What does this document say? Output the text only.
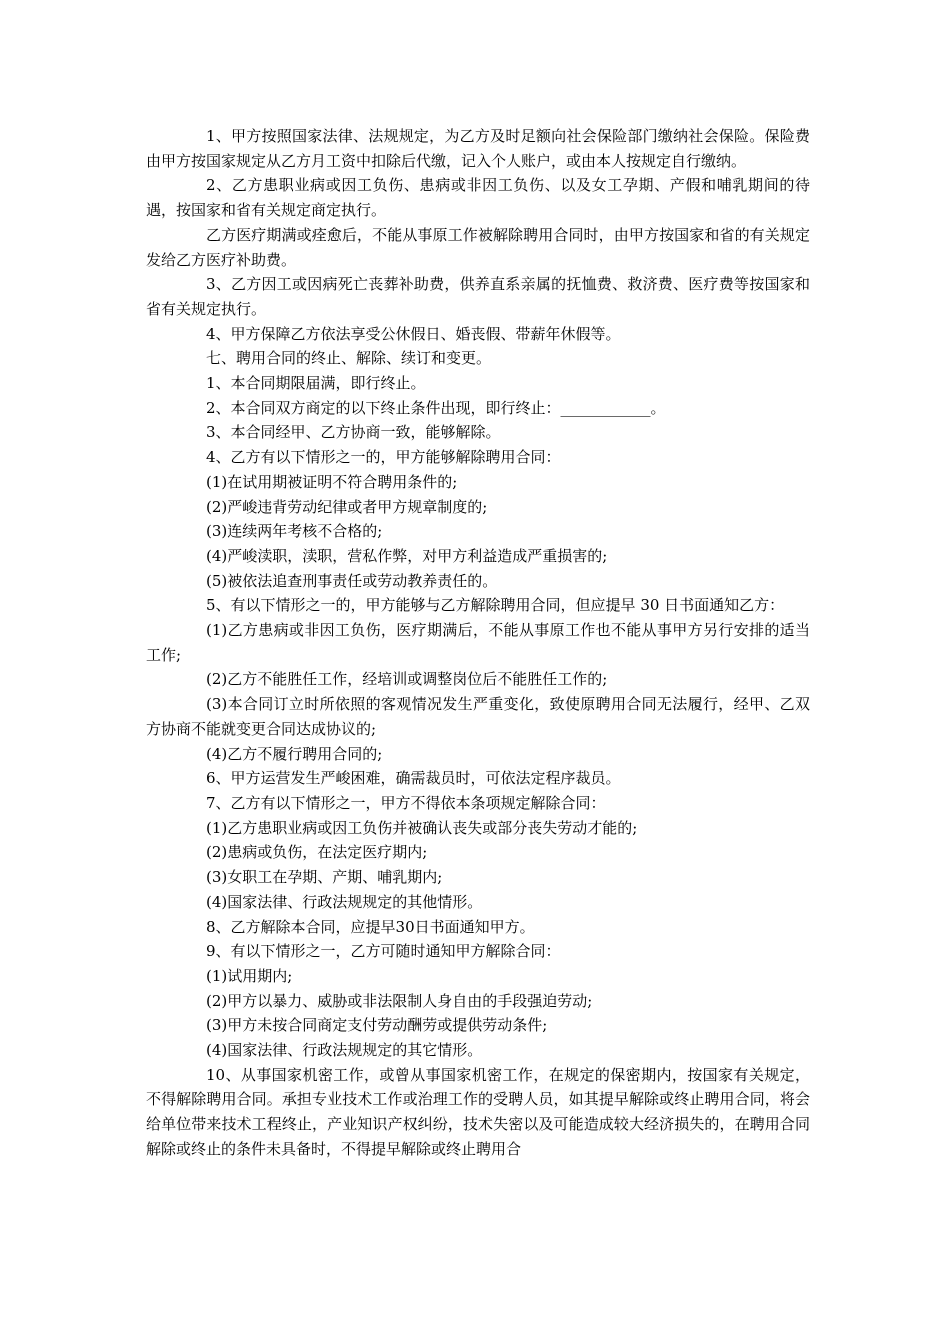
1、甲方按照国家法律、法规规定，为乙方及时足额向社会保险部门缴纳社会保险。保险费由甲方按国家规定从乙方月工资中扣除后代缴，记入个人账户，或由本人按规定自行缴纳。

2、乙方患职业病或因工负伤、患病或非因工负伤、以及女工孕期、产假和哺乳期间的待遇，按国家和省有关规定商定执行。

乙方医疗期满或痊愈后，不能从事原工作被解除聘用合同时，由甲方按国家和省的有关规定发给乙方医疗补助费。

3、乙方因工或因病死亡丧葬补助费，供养直系亲属的抚恤费、救济费、医疗费等按国家和省有关规定执行。

4、甲方保障乙方依法享受公休假日、婚丧假、带薪年休假等。

七、聘用合同的终止、解除、续订和变更。

1、本合同期限届满，即行终止。

2、本合同双方商定的以下终止条件出现，即行终止：____________。

3、本合同经甲、乙方协商一致，能够解除。

4、乙方有以下情形之一的，甲方能够解除聘用合同：

(1)在试用期被证明不符合聘用条件的;

(2)严峻违背劳动纪律或者甲方规章制度的;

(3)连续两年考核不合格的;

(4)严峻渎职，渎职，营私作弊，对甲方利益造成严重损害的;

(5)被依法追查刑事责任或劳动教养责任的。

5、有以下情形之一的，甲方能够与乙方解除聘用合同，但应提早 30 日书面通知乙方：

(1)乙方患病或非因工负伤，医疗期满后，不能从事原工作也不能从事甲方另行安排的适当工作;

(2)乙方不能胜任工作，经培训或调整岗位后不能胜任工作的;

(3)本合同订立时所依照的客观情况发生严重变化，致使原聘用合同无法履行，经甲、乙双方协商不能就变更合同达成协议的;

(4)乙方不履行聘用合同的;

6、甲方运营发生严峻困难，确需裁员时，可依法定程序裁员。

7、乙方有以下情形之一，甲方不得依本条项规定解除合同：

(1)乙方患职业病或因工负伤并被确认丧失或部分丧失劳动才能的;

(2)患病或负伤，在法定医疗期内;

(3)女职工在孕期、产期、哺乳期内;

(4)国家法律、行政法规规定的其他情形。

8、乙方解除本合同，应提早30日书面通知甲方。

9、有以下情形之一，乙方可随时通知甲方解除合同：

(1)试用期内;

(2)甲方以暴力、威胁或非法限制人身自由的手段强迫劳动;

(3)甲方未按合同商定支付劳动酬劳或提供劳动条件;

(4)国家法律、行政法规规定的其它情形。

10、从事国家机密工作，或曾从事国家机密工作，在规定的保密期内，按国家有关规定，不得解除聘用合同。承担专业技术工作或治理工作的受聘人员，如其提早解除或终止聘用合同，将会给单位带来技术工程终止，产业知识产权纠纷，技术失密以及可能造成较大经济损失的，在聘用合同解除或终止的条件未具备时，不得提早解除或终止聘用合
